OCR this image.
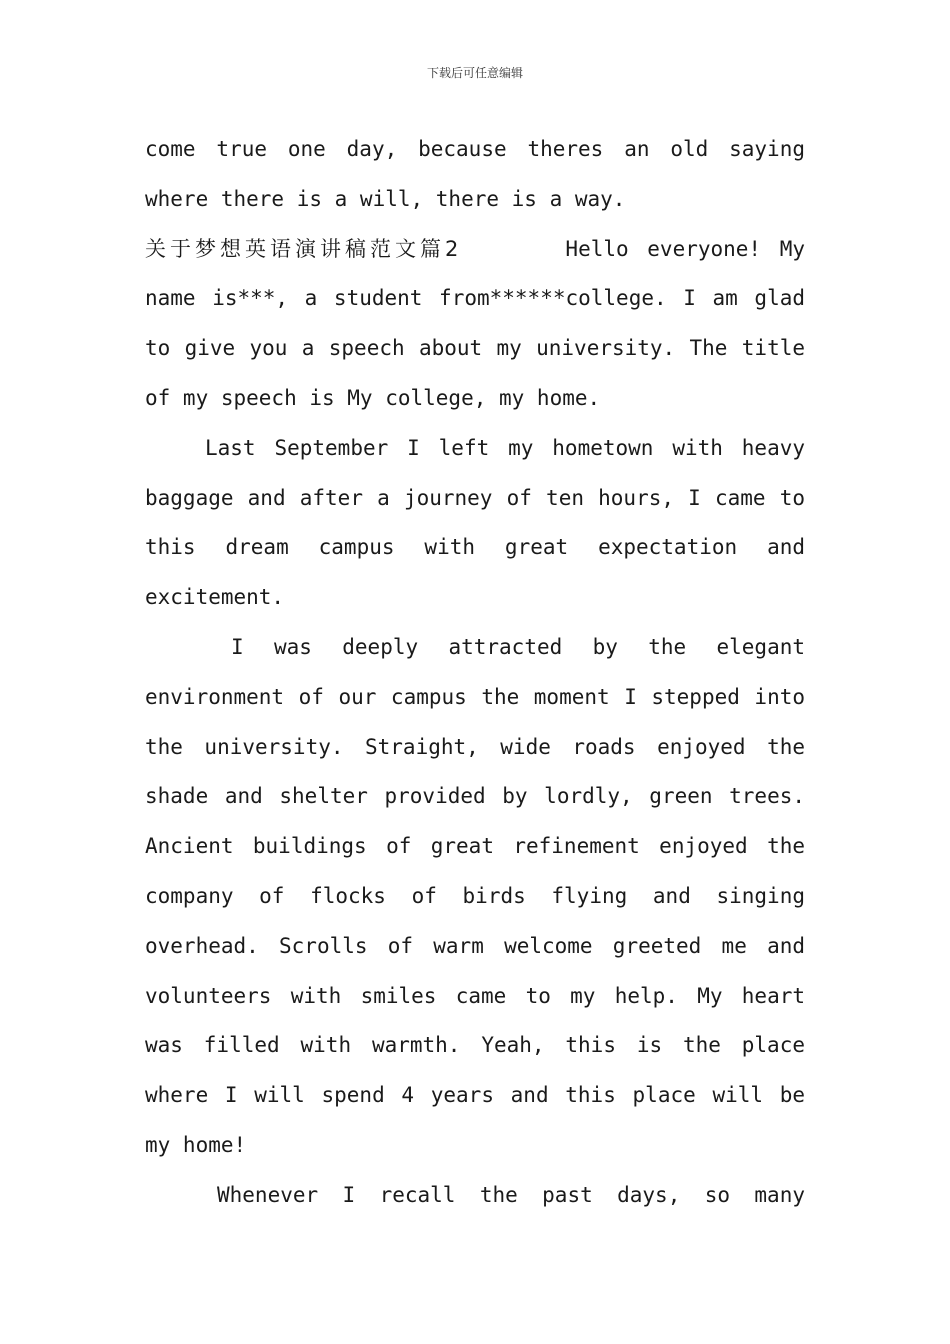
下载后可任意编辑
come true one day, because theres an old saying
where there is a will, there is a way.
关于梦想英语演讲稿范文篇2	Hello everyone! My
name is***, a student from******college. I am glad
to give you a speech about my university. The title
of my speech is My college, my home.
Last September I left my hometown with heavy
baggage and after a journey of ten hours, I came to
this dream campus with great expectation and
excitement.
I was deeply attracted by the elegant
environment of our campus the moment I stepped into
the university. Straight, wide roads enjoyed the
shade and shelter provided by lordly, green trees.
Ancient buildings of great refinement enjoyed the
company of flocks of birds flying and singing
overhead. Scrolls of warm welcome greeted me and
volunteers with smiles came to my help. My heart
was filled with warmth. Yeah, this is the place
where I will spend 4 years and this place will be
my home!
Whenever I recall the past days, so many
